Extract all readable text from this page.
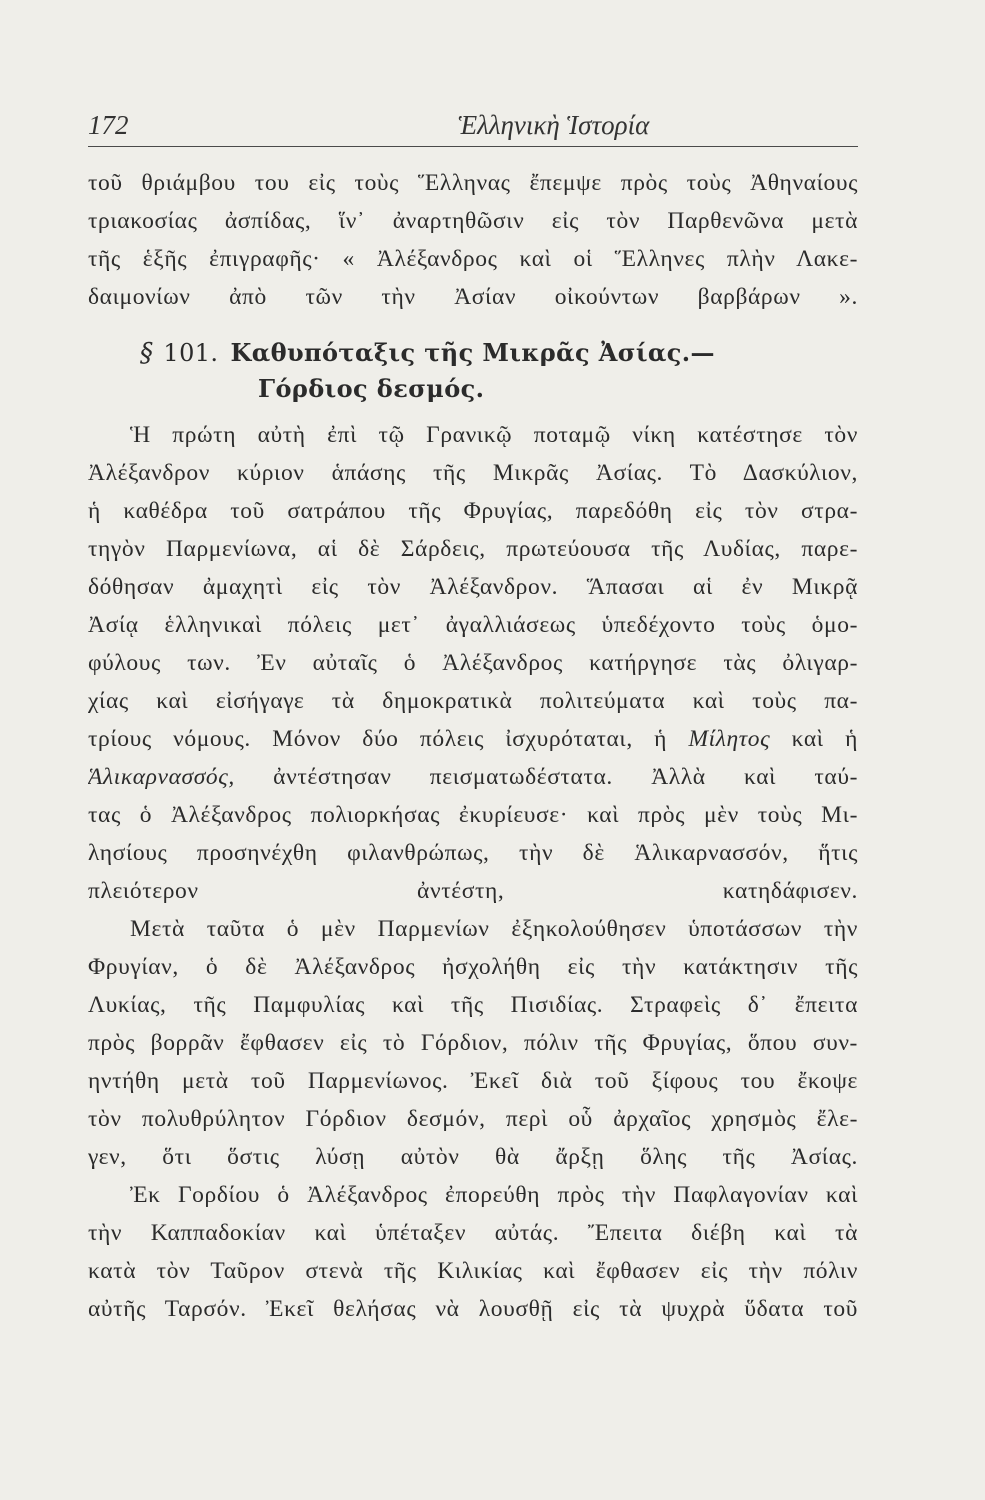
172	Ἑλληνικὴ Ἱστορία
τοῦ θριάμβου του εἰς τοὺς Ἕλληνας ἔπεμψε πρὸς τοὺς Ἀθηναίους
τριακοσίας ἀσπίδας, ἵν᾽ ἀναρτηθῶσιν εἰς τὸν Παρθενῶνα μετὰ
τῆς ἑξῆς ἐπιγραφῆς· « Ἀλέξανδρος καὶ οἱ Ἕλληνες πλὴν Λακε-
δαιμονίων ἀπὸ τῶν τὴν Ἀσίαν οἰκούντων βαρβάρων ».
§ 101. Καθυπόταξις τῆς Μικρᾶς Ἀσίας.—
Γόρδιος δεσμός.
Ἡ πρώτη αὐτὴ ἐπὶ τῷ Γρανικῷ ποταμῷ νίκη κατέστησε τὸν
Ἀλέξανδρον κύριον ἁπάσης τῆς Μικρᾶς Ἀσίας. Τὸ Δασκύλιον,
ἡ καθέδρα τοῦ σατράπου τῆς Φρυγίας, παρεδόθη εἰς τὸν στρα-
τηγὸν Παρμενίωνα, αἱ δὲ Σάρδεις, πρωτεύουσα τῆς Λυδίας, παρε-
δόθησαν ἀμαχητὶ εἰς τὸν Ἀλέξανδρον. Ἅπασαι αἱ ἐν Μικρᾷ
Ἀσίᾳ ἑλληνικαὶ πόλεις μετ᾽ ἀγαλλιάσεως ὑπεδέχοντο τοὺς ὁμο-
φύλους των. Ἐν αὐταῖς ὁ Ἀλέξανδρος κατήργησε τὰς ὀλιγαρ-
χίας καὶ εἰσήγαγε τὰ δημοκρατικὰ πολιτεύματα καὶ τοὺς πα-
τρίους νόμους. Μόνον δύο πόλεις ἰσχυρόταται, ἡ Μίλητος καὶ ἡ
Ἁλικαρνασσός, ἀντέστησαν πεισματωδέστατα. Ἀλλὰ καὶ ταύ-
τας ὁ Ἀλέξανδρος πολιορκήσας ἐκυρίευσε· καὶ πρὸς μὲν τοὺς Μι-
λησίους προσηνέχθη φιλανθρώπως, τὴν δὲ Ἁλικαρνασσόν, ἥτις
πλειότερον ἀντέστη, κατηδάφισεν.
Μετὰ ταῦτα ὁ μὲν Παρμενίων ἐξηκολούθησεν ὑποτάσσων τὴν
Φρυγίαν, ὁ δὲ Ἀλέξανδρος ἠσχολήθη εἰς τὴν κατάκτησιν τῆς
Λυκίας, τῆς Παμφυλίας καὶ τῆς Πισιδίας. Στραφεὶς δ᾽ ἔπειτα
πρὸς βορρᾶν ἔφθασεν εἰς τὸ Γόρδιον, πόλιν τῆς Φρυγίας, ὅπου συν-
ηντήθη μετὰ τοῦ Παρμενίωνος. Ἐκεῖ διὰ τοῦ ξίφους του ἔκοψε
τὸν πολυθρύλητον Γόρδιον δεσμόν, περὶ οὗ ἀρχαῖος χρησμὸς ἔλε-
γεν, ὅτι ὅστις λύσῃ αὐτὸν θὰ ἄρξῃ ὅλης τῆς Ἀσίας.
Ἐκ Γορδίου ὁ Ἀλέξανδρος ἐπορεύθη πρὸς τὴν Παφλαγονίαν καὶ
τὴν Καππαδοκίαν καὶ ὑπέταξεν αὐτάς. Ἔπειτα διέβη καὶ τὰ
κατὰ τὸν Ταῦρον στενὰ τῆς Κιλικίας καὶ ἔφθασεν εἰς τὴν πόλιν
αὐτῆς Ταρσόν. Ἐκεῖ θελήσας νὰ λουσθῇ εἰς τὰ ψυχρὰ ὕδατα τοῦ
